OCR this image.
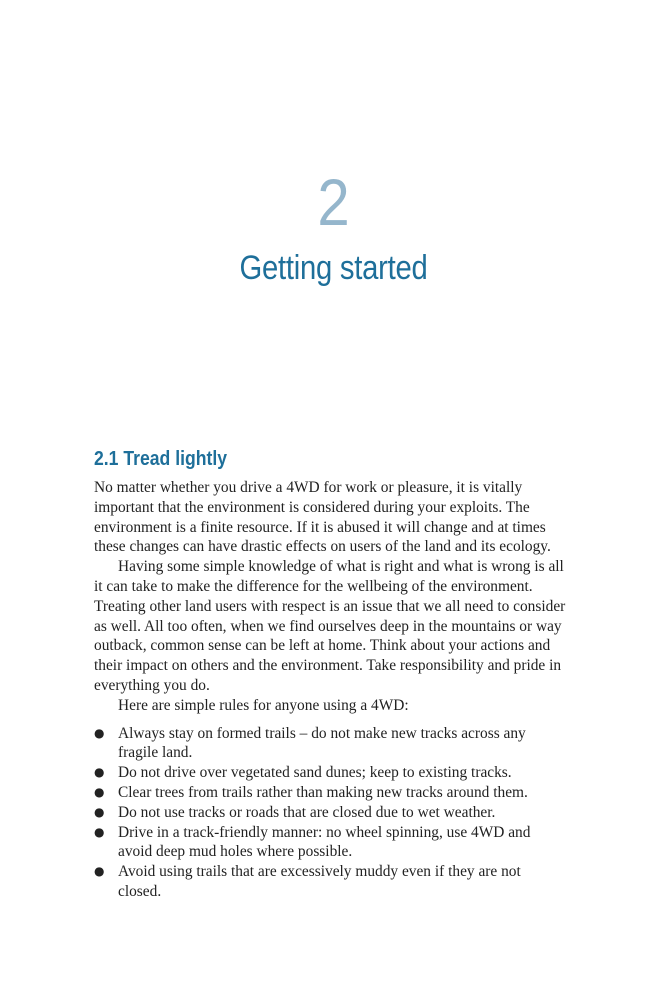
2
Getting started
2.1 Tread lightly

No matter whether you drive a 4WD for work or pleasure, it is vitally important that the environment is considered during your exploits. The environment is a finite resource. If it is abused it will change and at times these changes can have drastic effects on users of the land and its ecology.

Having some simple knowledge of what is right and what is wrong is all it can take to make the difference for the wellbeing of the environment. Treating other land users with respect is an issue that we all need to consider as well. All too often, when we find ourselves deep in the mountains or way outback, common sense can be left at home. Think about your actions and their impact on others and the environment. Take responsibility and pride in everything you do.

Here are simple rules for anyone using a 4WD:

● Always stay on formed trails – do not make new tracks across any fragile land.
● Do not drive over vegetated sand dunes; keep to existing tracks.
● Clear trees from trails rather than making new tracks around them.
● Do not use tracks or roads that are closed due to wet weather.
● Drive in a track-friendly manner: no wheel spinning, use 4WD and avoid deep mud holes where possible.
● Avoid using trails that are excessively muddy even if they are not closed.
